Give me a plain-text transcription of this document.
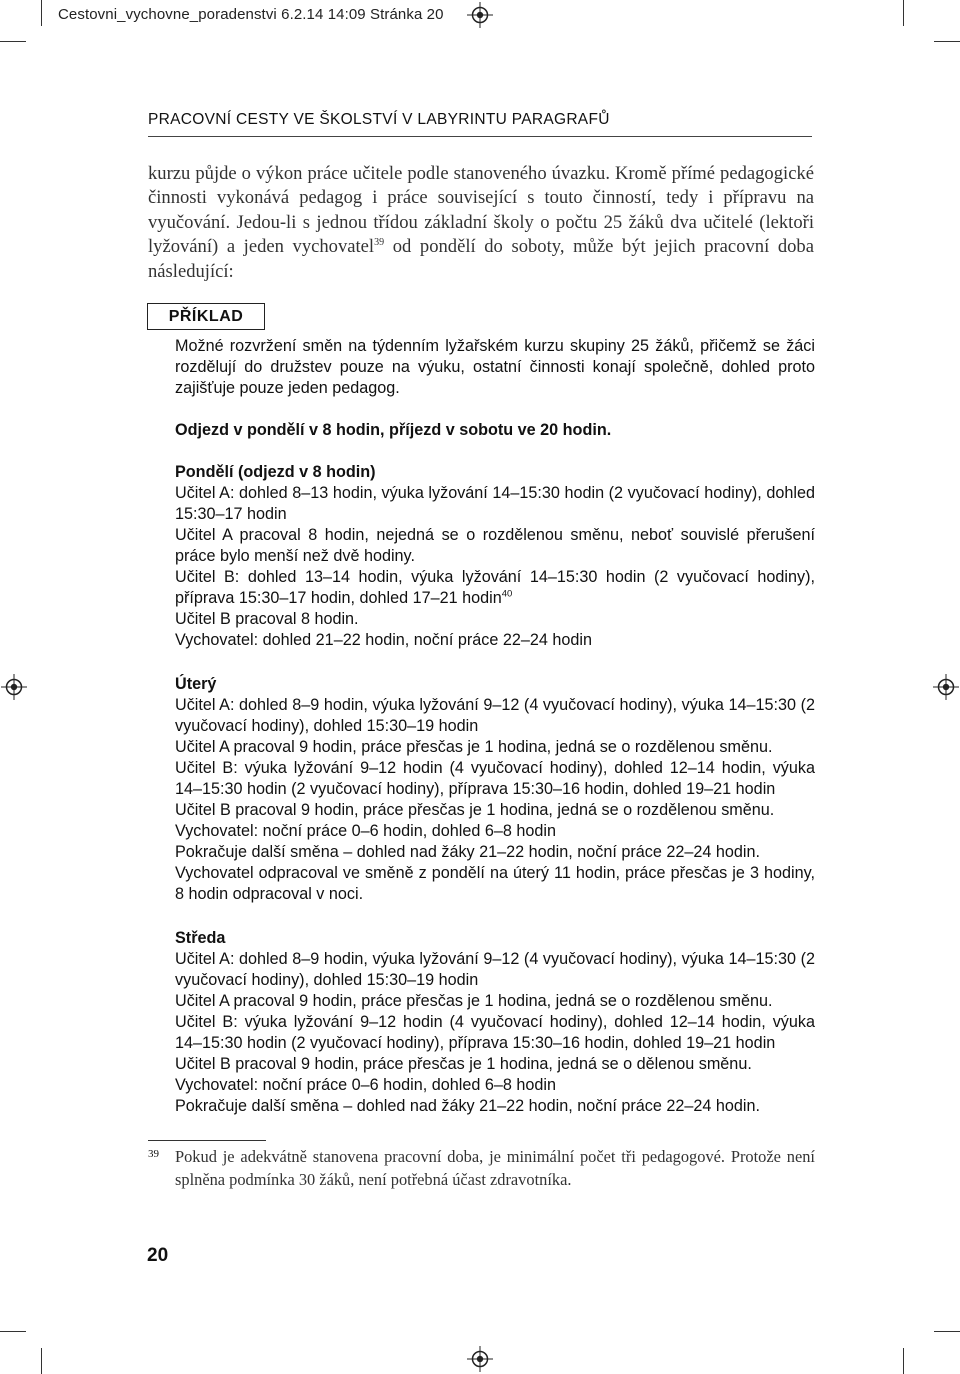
Cestovni_vychovne_poradenstvi 6.2.14 14:09 Stránka 20
PRACOVNÍ CESTY VE ŠKOLSTVÍ V LABYRINTU PARAGRAFŮ
kurzu půjde o výkon práce učitele podle stanoveného úvazku. Kromě přímé pedagogické činnosti vykonává pedagog i práce související s touto činností, tedy i přípravu na vyučování. Jedou-li s jednou třídou základní školy o počtu 25 žáků dva učitelé (lektoři lyžování) a jeden vychovatel$^{39}$ od pondělí do soboty, může být jejich pracovní doba následující:
PŘÍKLAD

Možné rozvržení směn na týdenním lyžařském kurzu skupiny 25 žáků, přičemž se žáci rozdělují do družstev pouze na výuku, ostatní činnosti konají společně, dohled proto zajišťuje pouze jeden pedagog.

Odjezd v pondělí v 8 hodin, příjezd v sobotu ve 20 hodin.

Pondělí (odjezd v 8 hodin)

Učitel A: dohled 8–13 hodin, výuka lyžování 14–15:30 hodin (2 vyučovací hodiny), dohled 15:30–17 hodin

Učitel A pracoval 8 hodin, nejedná se o rozdělenou směnu, neboť souvislé přerušení práce bylo menší než dvě hodiny.

Učitel B: dohled 13–14 hodin, výuka lyžování 14–15:30 hodin (2 vyučovací hodiny), příprava 15:30–17 hodin, dohled 17–21 hodin$^{40}$

Učitel B pracoval 8 hodin.

Vychovatel: dohled 21–22 hodin, noční práce 22–24 hodin

Úterý

Učitel A: dohled 8–9 hodin, výuka lyžování 9–12 (4 vyučovací hodiny), výuka 14–15:30 (2 vyučovací hodiny), dohled 15:30–19 hodin

Učitel A pracoval 9 hodin, práce přesčas je 1 hodina, jedná se o rozdělenou směnu.

Učitel B: výuka lyžování 9–12 hodin (4 vyučovací hodiny), dohled 12–14 hodin, výuka 14–15:30 hodin (2 vyučovací hodiny), příprava 15:30–16 hodin, dohled 19–21 hodin

Učitel B pracoval 9 hodin, práce přesčas je 1 hodina, jedná se o rozdělenou směnu.

Vychovatel: noční práce 0–6 hodin, dohled 6–8 hodin

Pokračuje další směna – dohled nad žáky 21–22 hodin, noční práce 22–24 hodin.

Vychovatel odpracoval ve směně z pondělí na úterý 11 hodin, práce přesčas je 3 hodiny, 8 hodin odpracoval v noci.

Středa

Učitel A: dohled 8–9 hodin, výuka lyžování 9–12 (4 vyučovací hodiny), výuka 14–15:30 (2 vyučovací hodiny), dohled 15:30–19 hodin

Učitel A pracoval 9 hodin, práce přesčas je 1 hodina, jedná se o rozdělenou směnu.

Učitel B: výuka lyžování 9–12 hodin (4 vyučovací hodiny), dohled 12–14 hodin, výuka 14–15:30 hodin (2 vyučovací hodiny), příprava 15:30–16 hodin, dohled 19–21 hodin

Učitel B pracoval 9 hodin, práce přesčas je 1 hodina, jedná se o dělenou směnu.

Vychovatel: noční práce 0–6 hodin, dohled 6–8 hodin

Pokračuje další směna – dohled nad žáky 21–22 hodin, noční práce 22–24 hodin.

39 Pokud je adekvátně stanovena pracovní doba, je minimální počet tři pedagogové. Protože není splněna podmínka 30 žáků, není potřebná účast zdravotníka.
20
